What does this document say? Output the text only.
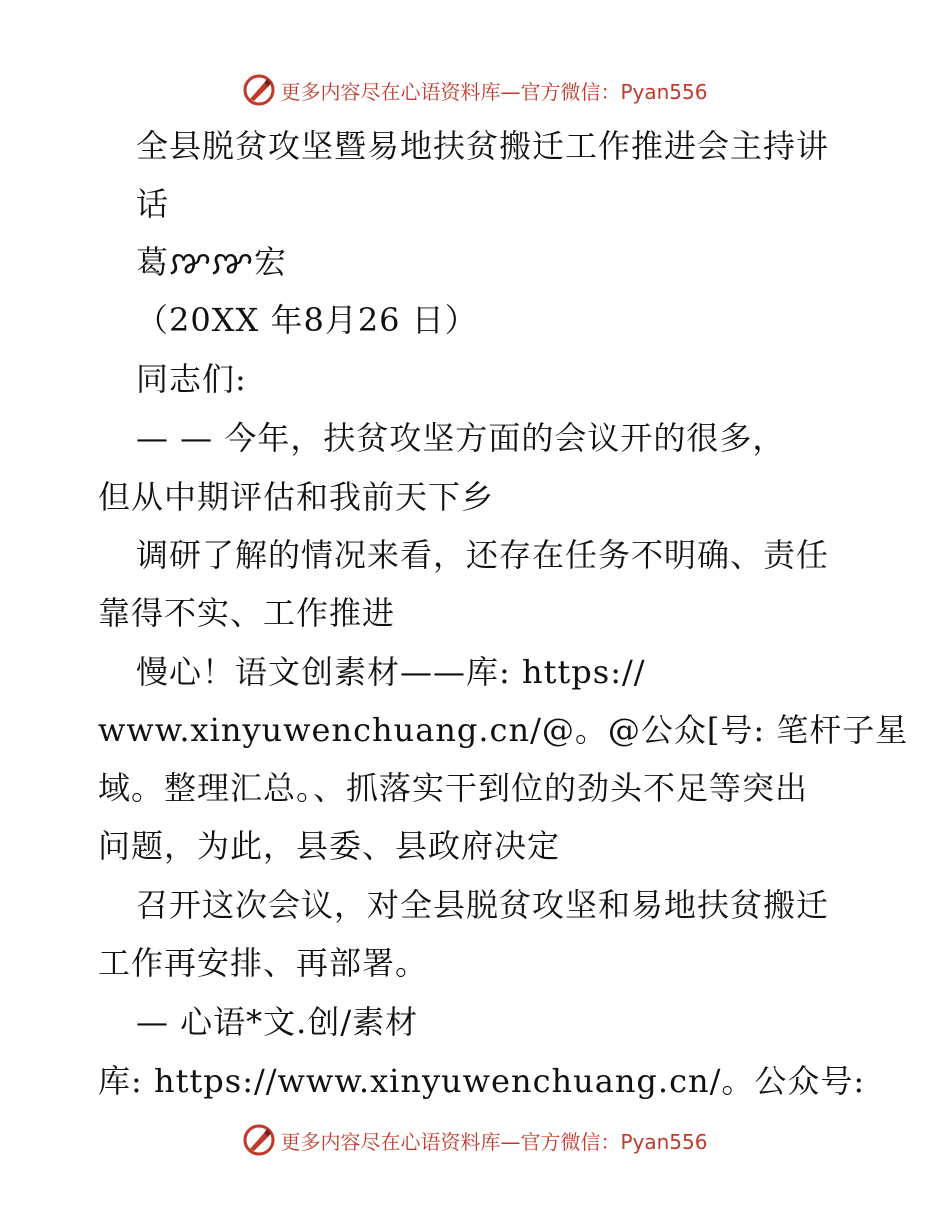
更多内容尽在心语资料库—官方微信：Pyan556
全县脱贫攻坚暨易地扶贫搬迁工作推进会主持讲
话
葛ꨇꨇ宏
（20XX 年8月26 日）
同志们:
— — 今年，扶贫攻坚方面的会议开的很多，
但从中期评估和我前天下乡
调研了解的情况来看，还存在任务不明确、责任
靠得不实、工作推进
慢心！语文创素材——库: https://
www.xinyuwenchuang.cn/@。@公众[号: 笔杆子星
域。整理汇总。、抓落实干到位的劲头不足等突出
问题，为此，县委、县政府决定
召开这次会议，对全县脱贫攻坚和易地扶贫搬迁
工作再安排、再部署。
— 心语*文.创/素材
库: https://www.xinyuwenchuang.cn/。公众号:
更多内容尽在心语资料库—官方微信：Pyan556
